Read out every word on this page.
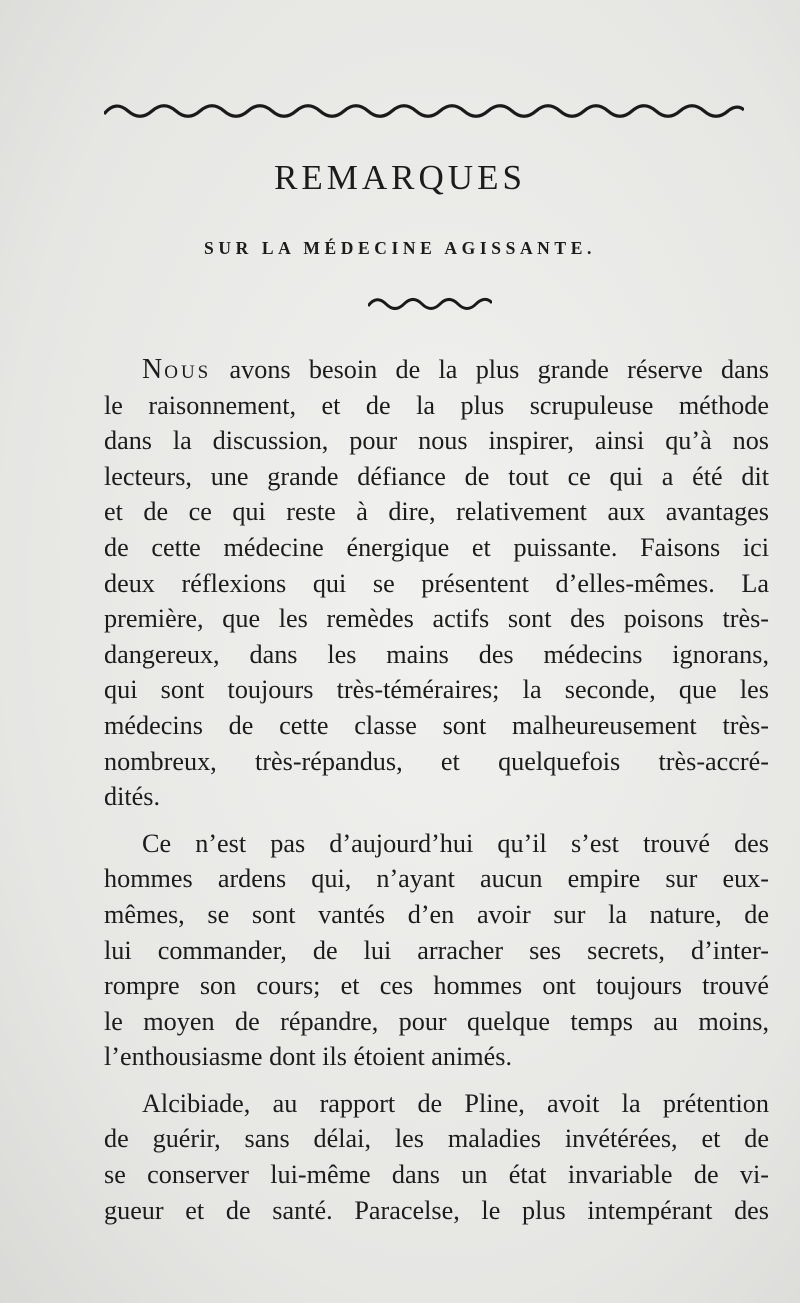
REMARQUES
SUR LA MÉDECINE AGISSANTE.
NOUS avons besoin de la plus grande réserve dans
le raisonnement, et de la plus scrupuleuse méthode
dans la discussion, pour nous inspirer, ainsi qu’à nos
lecteurs, une grande défiance de tout ce qui a été dit
et de ce qui reste à dire, relativement aux avantages
de cette médecine énergique et puissante. Faisons ici
deux réflexions qui se présentent d’elles-mêmes. La
première, que les remèdes actifs sont des poisons très-
dangereux, dans les mains des médecins ignorans,
qui sont toujours très-téméraires; la seconde, que les
médecins de cette classe sont malheureusement très-
nombreux, très-répandus, et quelquefois très-accré-
dités.
Ce n’est pas d’aujourd’hui qu’il s’est trouvé des
hommes ardens qui, n’ayant aucun empire sur eux-
mêmes, se sont vantés d’en avoir sur la nature, de
lui commander, de lui arracher ses secrets, d’inter-
rompre son cours; et ces hommes ont toujours trouvé
le moyen de répandre, pour quelque temps au moins,
l’enthousiasme dont ils étoient animés.
Alcibiade, au rapport de Pline, avoit la prétention
de guérir, sans délai, les maladies invétérées, et de
se conserver lui-même dans un état invariable de vi-
gueur et de santé. Paracelse, le plus intempérant des
